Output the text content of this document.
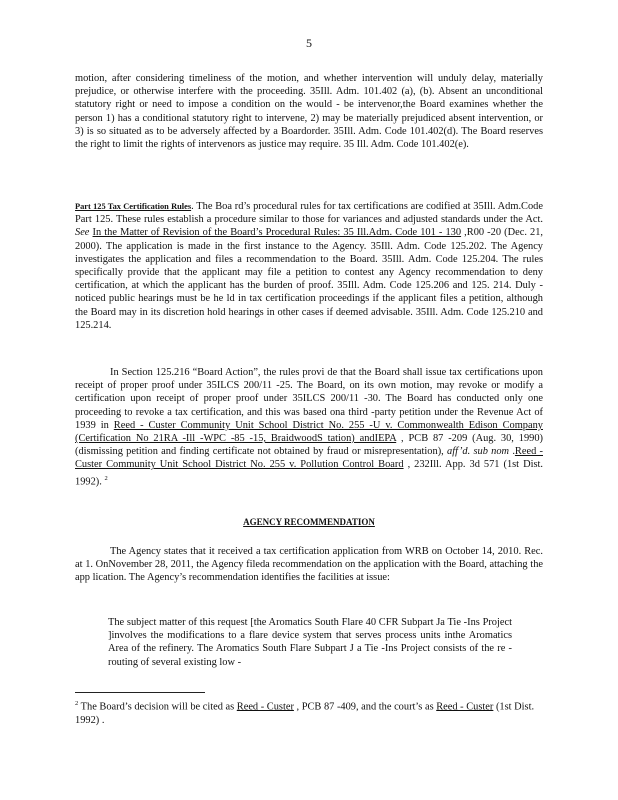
5

motion, after considering timeliness of the motion, and whether intervention will unduly delay, materially prejudice, or otherwise interfere with the proceeding. 35Ill. Adm. 101.402 (a), (b). Absent an unconditional statutory right or need to impose a condition on the would - be intervenor,the Board examines whether the person 1) has a conditional statutory right to intervene, 2) may be materially prejudiced absent intervention, or 3) is so situated as to be adversely affected by a Boardorder. 35Ill. Adm. Code 101.402(d). The Board reserves the right to limit the rights of intervenors as justice may require. 35 Ill. Adm. Code 101.402(e).

Part 125 Tax Certification Rules. The Boa rd’s procedural rules for tax certifications are codified at 35Ill. Adm.Code Part 125. These rules establish a procedure similar to those for variances and adjusted standards under the Act. See In the Matter of Revision of the Board’s Procedural Rules: 35 Ill.Adm. Code 101 - 130 ,R00 -20 (Dec. 21, 2000). The application is made in the first instance to the Agency. 35Ill. Adm. Code 125.202. The Agency investigates the application and files a recommendation to the Board. 35Ill. Adm. Code 125.204. The rules specifically provide that the applicant may file a petition to contest any Agency recommendation to deny certification, at which the applicant has the burden of proof. 35Ill. Adm. Code 125.206 and 125. 214. Duly -noticed public hearings must be he ld in tax certification proceedings if the applicant files a petition, although the Board may in its discretion hold hearings in other cases if deemed advisable. 35Ill. Adm. Code 125.210 and 125.214.

In Section 125.216 “Board Action”, the rules provi de that the Board shall issue tax certifications upon receipt of proper proof under 35ILCS 200/11 -25. The Board, on its own motion, may revoke or modify a certification upon receipt of proper proof under 35ILCS 200/11 -30. The Board has conducted only one proceeding to revoke a tax certification, and this was based ona third -party petition under the Revenue Act of 1939 in Reed - Custer Community Unit School District No. 255 -U v. Commonwealth Edison Company (Certification No 21RA -Ill -WPC -85 -15, BraidwoodS tation) andIEPA , PCB 87 -209 (Aug. 30, 1990) (dismissing petition and finding certificate not obtained by fraud or misrepresentation), aff’d. sub nom .Reed - Custer Community Unit School District No. 255 v. Pollution Control Board , 232Ill. App. 3d 571 (1st Dist. 1992). $^2$

AGENCY RECOMMENDATION

The Agency states that it received a tax certification application from WRB on October 14, 2010. Rec. at 1. OnNovember 28, 2011, the Agency fileda recommendation on the application with the Board, attaching the app lication. The Agency’s recommendation identifies the facilities at issue:

The subject matter of this request [the Aromatics South Flare 40 CFR Subpart Ja Tie -Ins Project ]involves the modifications to a flare device system that serves process units inthe Aromatics Area of the refinery. The Aromatics South Flare Subpart J a Tie -Ins Project consists of the re -routing of several existing low -

$^2$ The Board’s decision will be cited as Reed - Custer , PCB 87 -409, and the court’s as Reed - Custer (1st Dist. 1992) .
